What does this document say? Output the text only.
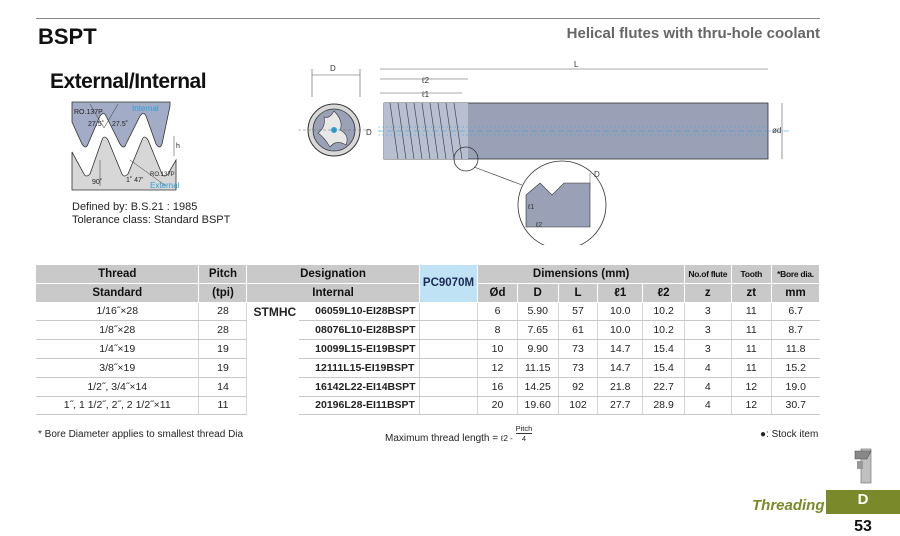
BSPT	Helical flutes with thru-hole coolant
External/Internal
RO.137P	Internal
27.5˚ 27.5˚
h
RO.137P
90˚	1˚ 47'
External
Defined by: B.S.21 : 1985
Tolerance class: Standard BSPT
D	L
ℓ2
ℓ1
D	ød
D
ℓ1
ℓ2
Thread	Pitch	Designation		PC9070M	Dimensions (mm)					No.of flute	Tooth	*Bore dia.
Standard	(tpi)	Internal			Ød	D	L	ℓ1	ℓ2	z	zt	mm
1/16˝×28	28	STMHC	06059L10-EI28BSPT		6	5.90	57	10.0	10.2	3	11	6.7
1/8˝×28	28		08076L10-EI28BSPT		8	7.65	61	10.0	10.2	3	11	8.7
1/4˝×19	19		10099L15-EI19BSPT		10	9.90	73	14.7	15.4	3	11	11.8
3/8˝×19	19		12111L15-EI19BSPT		12	11.15	73	14.7	15.4	4	11	15.2
1/2˝, 3/4˝×14	14		16142L22-EI14BSPT		16	14.25	92	21.8	22.7	4	12	19.0
1˝, 1 1/2˝, 2˝, 2 1/2˝×11	11		20196L28-EI11BSPT		20	19.60	102	27.7	28.9	4	12	30.7
* Bore Diameter applies to smallest thread Dia	Maximum thread length = $_{\ell 2 -}$
Pitch
4	●: Stock item
Threading	D
53
